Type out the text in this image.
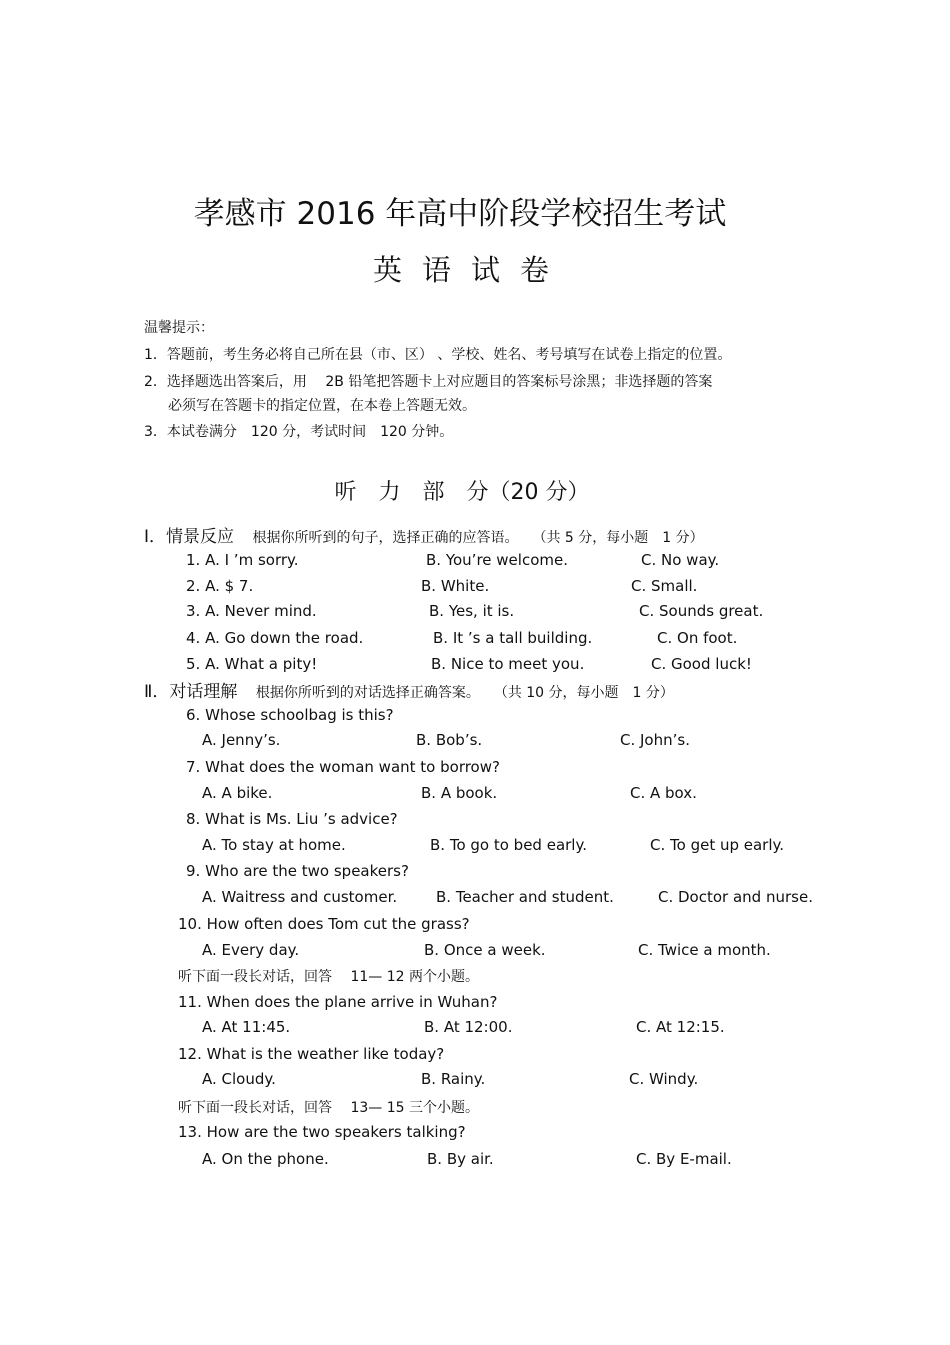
孝感市 2016 年高中阶段学校招生考试
英语试卷
温馨提示：
1．答题前，考生务必将自己所在县（市、区） 、学校、姓名、考号填写在试卷上指定的位置。
2．选择题选出答案后，用　 2B 铅笔把答题卡上对应题目的答案标号涂黑；非选择题的答案
必须写在答题卡的指定位置，在本卷上答题无效。
3．本试卷满分　120 分，考试时间　120 分钟。
听　力　部　分（20 分）
Ⅰ．情景反应 根据你所听到的句子，选择正确的应答语。　　（共 5 分，每小题　1 分）
1. A. I ’m sorry.	B. You’re welcome.	C. No way.
2. A. $ 7.	B. White.	C. Small.
3. A. Never mind.	B. Yes, it is.	C. Sounds great.
4. A. Go down the road.	B. It ’s a tall building.	C. On foot.
5. A. What a pity!	B. Nice to meet you.	C. Good luck!
Ⅱ．对话理解 根据你所听到的对话选择正确答案。　　（共 10 分，每小题　1 分）
6. Whose schoolbag is this?
A. Jenny’s.	B. Bob’s.	C. John’s.
7. What does the woman want to borrow?
A. A bike.	B. A book.	C. A box.
8. What is Ms. Liu ’s advice?
A. To stay at home.	B. To go to bed early.	C. To get up early.
9. Who are the two speakers?
A. Waitress and customer.	B. Teacher and student.	C. Doctor and nurse.
10. How often does Tom cut the grass?
A. Every day.	B. Once a week.	C. Twice a month.
听下面一段长对话，回答　 11— 12 两个小题。
11. When does the plane arrive in Wuhan?
A. At 11:45.	B. At 12:00.	C. At 12:15.
12. What is the weather like today?
A. Cloudy.	B. Rainy.	C. Windy.
听下面一段长对话，回答　 13— 15 三个小题。
13. How are the two speakers talking?
A. On the phone.	B. By air.	C. By E-mail.
